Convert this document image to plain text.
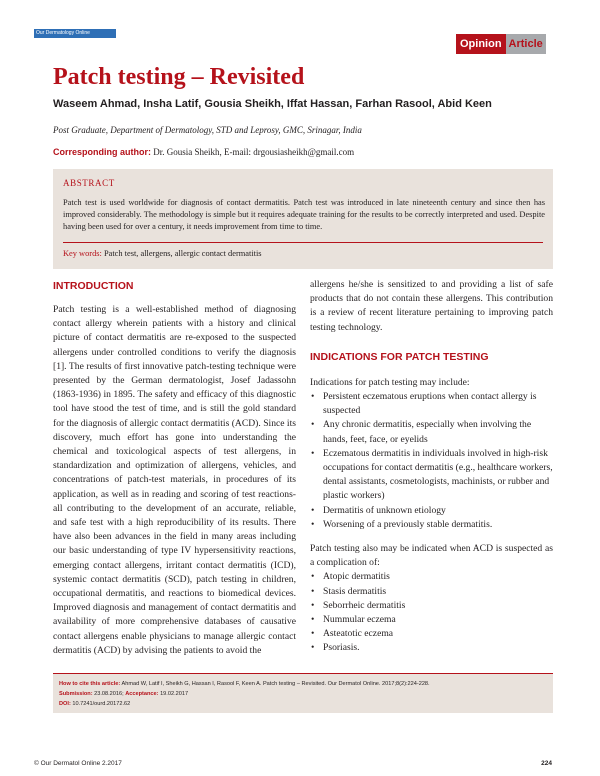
Our Dermatology Online
Opinion Article
Patch testing – Revisited
Waseem Ahmad, Insha Latif, Gousia Sheikh, Iffat Hassan, Farhan Rasool, Abid Keen
Post Graduate, Department of Dermatology, STD and Leprosy, GMC, Srinagar, India
Corresponding author: Dr. Gousia Sheikh, E-mail: drgousiasheikh@gmail.com
ABSTRACT
Patch test is used worldwide for diagnosis of contact dermatitis. Patch test was introduced in late nineteenth century and since then has improved considerably. The methodology is simple but it requires adequate training for the results to be correctly interpreted and used. Despite having been used for over a century, it needs improvement from time to time.
Key words: Patch test, allergens, allergic contact dermatitis
INTRODUCTION

Patch testing is a well-established method of diagnosing contact allergy wherein patients with a history and clinical picture of contact dermatitis are re-exposed to the suspected allergens under controlled conditions to verify the diagnosis [1]. The results of first innovative patch-testing technique were presented by the German dermatologist, Josef Jadassohn (1863-1936) in 1895. The safety and efficacy of this diagnostic tool have stood the test of time, and is still the gold standard for the diagnosis of allergic contact dermatitis (ACD). Since its discovery, much effort has gone into understanding the chemical and toxicological aspects of test allergens, in standardization and optimization of allergens, vehicles, and concentrations of patch-test materials, in procedures of its application, as well as in reading and scoring of test reactions-all contributing to the development of an accurate, reliable, and safe test with a high reproducibility of its results. There have also been advances in the field in many areas including our basic understanding of type IV hypersensitivity reactions, emerging contact allergens, irritant contact dermatitis (ICD), systemic contact dermatitis (SCD), patch testing in children, occupational dermatitis, and reactions to biomedical devices. Improved diagnosis and management of contact dermatitis and availability of more comprehensive databases of causative contact allergens enable physicians to manage allergic contact dermatitis (ACD) by advising the patients to avoid the

allergens he/she is sensitized to and providing a list of safe products that do not contain these allergens. This contribution is a review of recent literature pertaining to improving patch testing technology.

INDICATIONS FOR PATCH TESTING

Indications for patch testing may include:

• Persistent eczematous eruptions when contact allergy is suspected
• Any chronic dermatitis, especially when involving the hands, feet, face, or eyelids
• Eczematous dermatitis in individuals involved in high-risk occupations for contact dermatitis (e.g., healthcare workers, dental assistants, cosmetologists, machinists, or rubber and plastic workers)
• Dermatitis of unknown etiology
• Worsening of a previously stable dermatitis.

Patch testing also may be indicated when ACD is suspected as a complication of:

• Atopic dermatitis
• Stasis dermatitis
• Seborrheic dermatitis
• Nummular eczema
• Asteatotic eczema
• Psoriasis.
How to cite this article: Ahmad W, Latif I, Sheikh G, Hassan I, Rasool F, Keen A. Patch testing – Revisited. Our Dermatol Online. 2017;8(2):224-228.
Submission: 23.08.2016; Acceptance: 19.02.2017
DOI: 10.7241/ourd.20172.62
© Our Dermatol Online 2.2017	224
